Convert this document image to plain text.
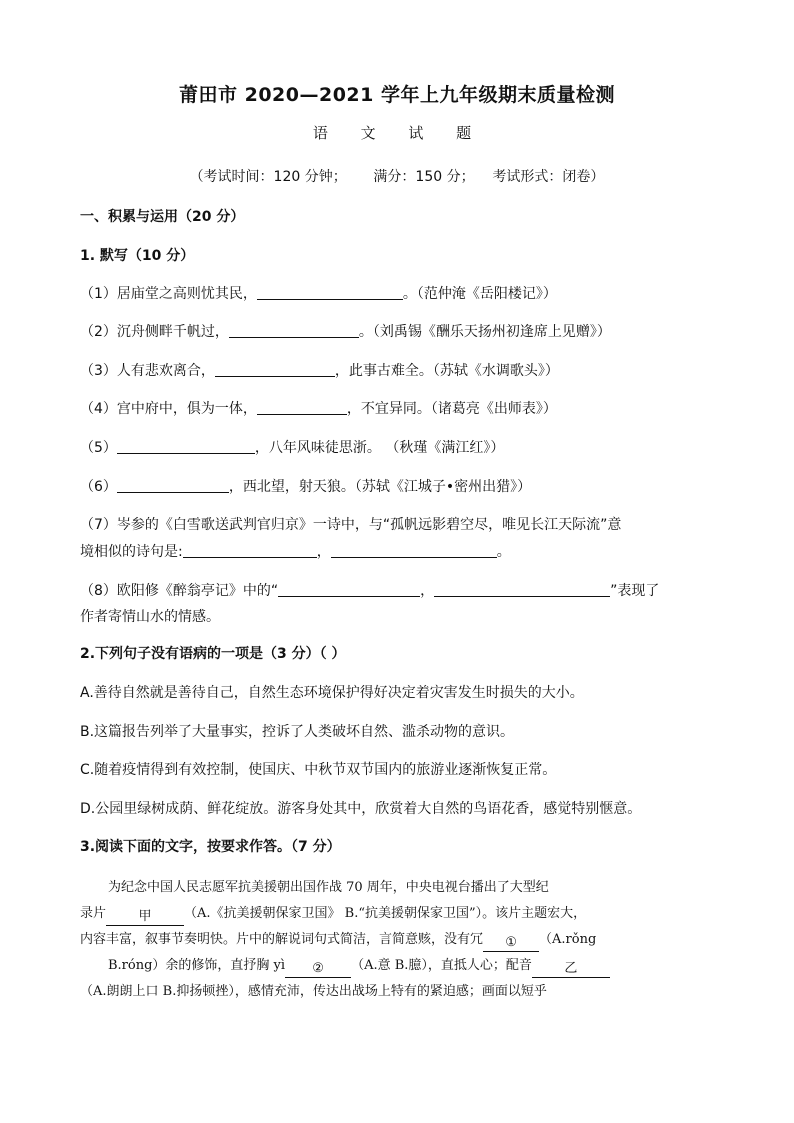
莆田市 2020—2021 学年上九年级期末质量检测
语 文 试 题
（考试时间：120 分钟；      满分：150 分；    考试形式：闭卷）
一、积累与运用（20 分）
1. 默写（10 分）
（1）居庙堂之高则忧其民，	。（范仲淹《岳阳楼记》）
（2）沉舟侧畔千帆过，	。（刘禹锡《酬乐天扬州初逢席上见赠》）
（3）人有悲欢离合，	，此事古难全。（苏轼《水调歌头》）
（4）宫中府中，俱为一体，	，不宜异同。（诸葛亮《出师表》）
（5）	，八年风味徒思浙。 （秋瑾《满江红》）
（6）	，西北望，射天狼。（苏轼《江城子•密州出猎》）
（7）岑参的《白雪歌送武判官归京》一诗中，与“孤帆远影碧空尽，唯见长江天际流”意
境相似的诗句是:	，	。
（8）欧阳修《醉翁亭记》中的“	，	”表现了
作者寄情山水的情感。
2.下列句子没有语病的一项是（3 分）（ ）
A.善待自然就是善待自己，自然生态环境保护得好决定着灾害发生时损失的大小。
B.这篇报告列举了大量事实，控诉了人类破坏自然、滥杀动物的意识。
C.随着疫情得到有效控制，使国庆、中秋节双节国内的旅游业逐渐恢复正常。
D.公园里绿树成荫、鲜花绽放。游客身处其中，欣赏着大自然的鸟语花香，感觉特别惬意。
3.阅读下面的文字，按要求作答。（7 分）
为纪念中国人民志愿军抗美援朝出国作战 70 周年，中央电视台播出了大型纪
录片 甲	（A.《抗美援朝保家卫国》 B.“抗美援朝保家卫国”）。该片主题宏大，
内容丰富，叙事节奏明快。片中的解说词句式简洁，言简意赅，没有冗 ① （A.rǒng
B.róng）余的修饰，直抒胸 yì ② （A.意 B.臆），直抵人心；配音 乙
（A.朗朗上口 B.抑扬顿挫），感情充沛，传达出战场上特有的紧迫感；画面以短乎
